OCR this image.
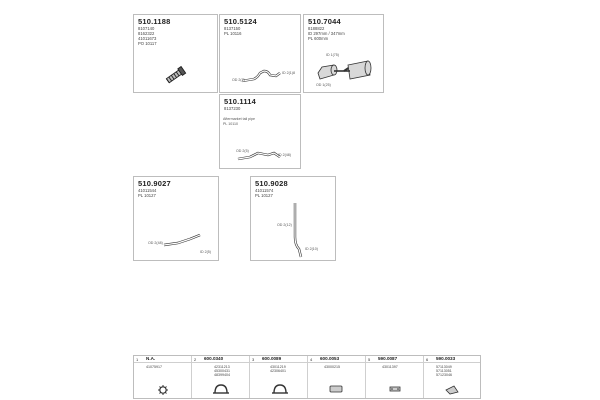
510.1188
8107140
8162322
41011673
PO 10117
510.5124
8137150
PL 10116
OD 2(7)
ID 2(1)8
510.7044
8188822
ID 297mm / 347mm
PL 600mm
ID 1(75)
OD 1(25)
510.1114
8137230
Aftermarket tail pipe
PL 10110
OD 2(5)
ID 2(48)
510.9027
41011544
PL 10127
OD 2(48)
ID 2(5)
510.9028
41011574
PL 10127
OD 2(12)
ID 2(10)
1 N.A.
41075917
2 600.0340
42311213
45300431
48399404
3 600.0089
43011219
42306401
4 600.0053
43000215
5 590.0087
43011397
6 590.0033
57113049
57113051
57123046
